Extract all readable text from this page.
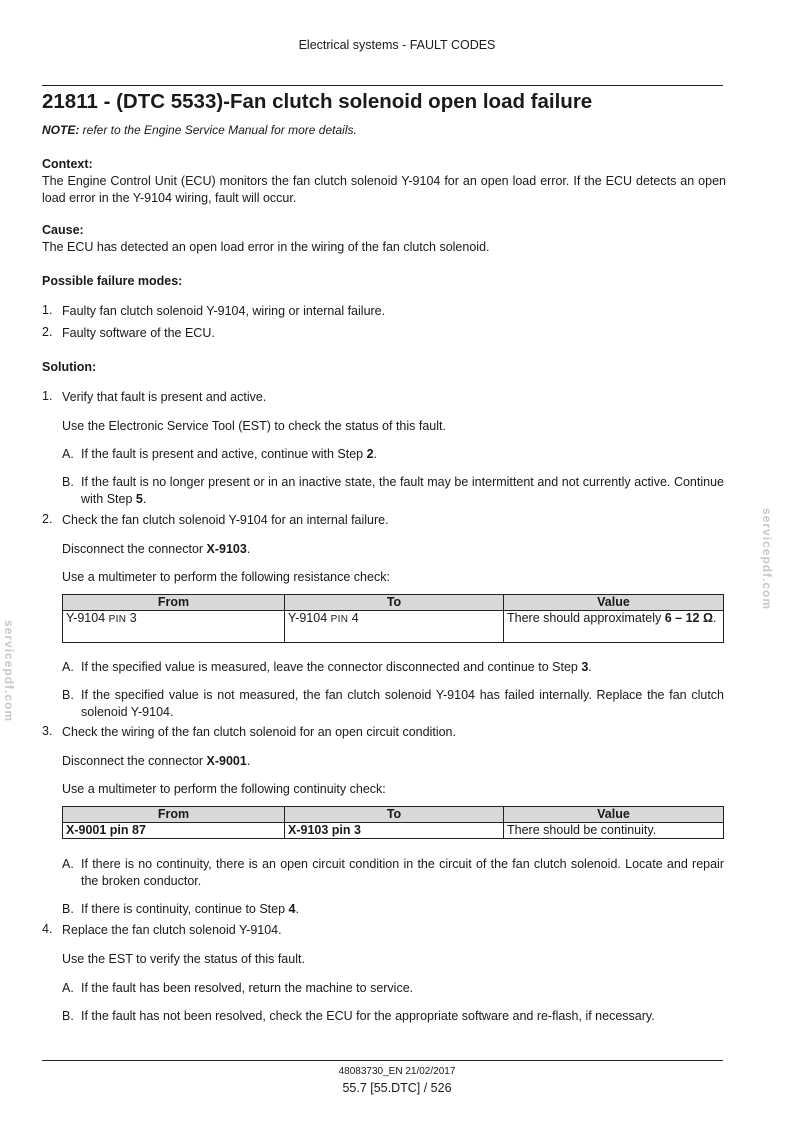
Electrical systems - FAULT CODES
21811 - (DTC 5533)-Fan clutch solenoid open load failure
NOTE: refer to the Engine Service Manual for more details.
Context:
The Engine Control Unit (ECU) monitors the fan clutch solenoid Y-9104 for an open load error. If the ECU detects an open load error in the Y-9104 wiring, fault will occur.
Cause:
The ECU has detected an open load error in the wiring of the fan clutch solenoid.
Possible failure modes:
1. Faulty fan clutch solenoid Y-9104, wiring or internal failure.
2. Faulty software of the ECU.
Solution:
1. Verify that fault is present and active.
Use the Electronic Service Tool (EST) to check the status of this fault.
A. If the fault is present and active, continue with Step 2.
B. If the fault is no longer present or in an inactive state, the fault may be intermittent and not currently active. Continue with Step 5.
2. Check the fan clutch solenoid Y-9104 for an internal failure.
Disconnect the connector X-9103.
Use a multimeter to perform the following resistance check:
From	To	Value
Y-9104 PIN 3	Y-9104 PIN 4	There should approximately 6 – 12 Ω.
A. If the specified value is measured, leave the connector disconnected and continue to Step 3.
B. If the specified value is not measured, the fan clutch solenoid Y-9104 has failed internally. Replace the fan clutch solenoid Y-9104.
3. Check the wiring of the fan clutch solenoid for an open circuit condition.
Disconnect the connector X-9001.
Use a multimeter to perform the following continuity check:
From	To	Value
X-9001 pin 87	X-9103 pin 3	There should be continuity.
A. If there is no continuity, there is an open circuit condition in the circuit of the fan clutch solenoid. Locate and repair the broken conductor.
B. If there is continuity, continue to Step 4.
4. Replace the fan clutch solenoid Y-9104.
Use the EST to verify the status of this fault.
A. If the fault has been resolved, return the machine to service.
B. If the fault has not been resolved, check the ECU for the appropriate software and re-flash, if necessary.
servicepdf.com
servicepdf.com
48083730_EN 21/02/2017
55.7 [55.DTC] / 526
